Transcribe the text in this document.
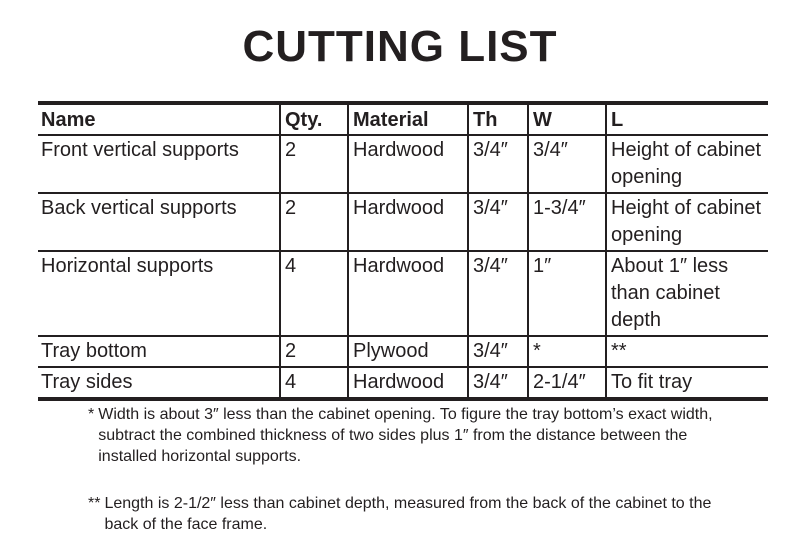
CUTTING LIST
Name	Qty.	Material	Th	W	L
Front vertical supports	2	Hardwood	3/4″	3/4″	Height of cabinet opening
Back vertical supports	2	Hardwood	3/4″	1-3/4″	Height of cabinet opening
Horizontal supports	4	Hardwood	3/4″	1″	About 1″ less than cabinet depth
Tray bottom	2	Plywood	3/4″	*	**
Tray sides	4	Hardwood	3/4″	2-1/4″	To fit tray
* Width is about 3″ less than the cabinet opening. To figure the tray bottom’s exact width, subtract the combined thickness of two sides plus 1″ from the distance between the installed horizontal supports.
** Length is 2-1/2″ less than cabinet depth, measured from the back of the cabinet to the back of the face frame.
